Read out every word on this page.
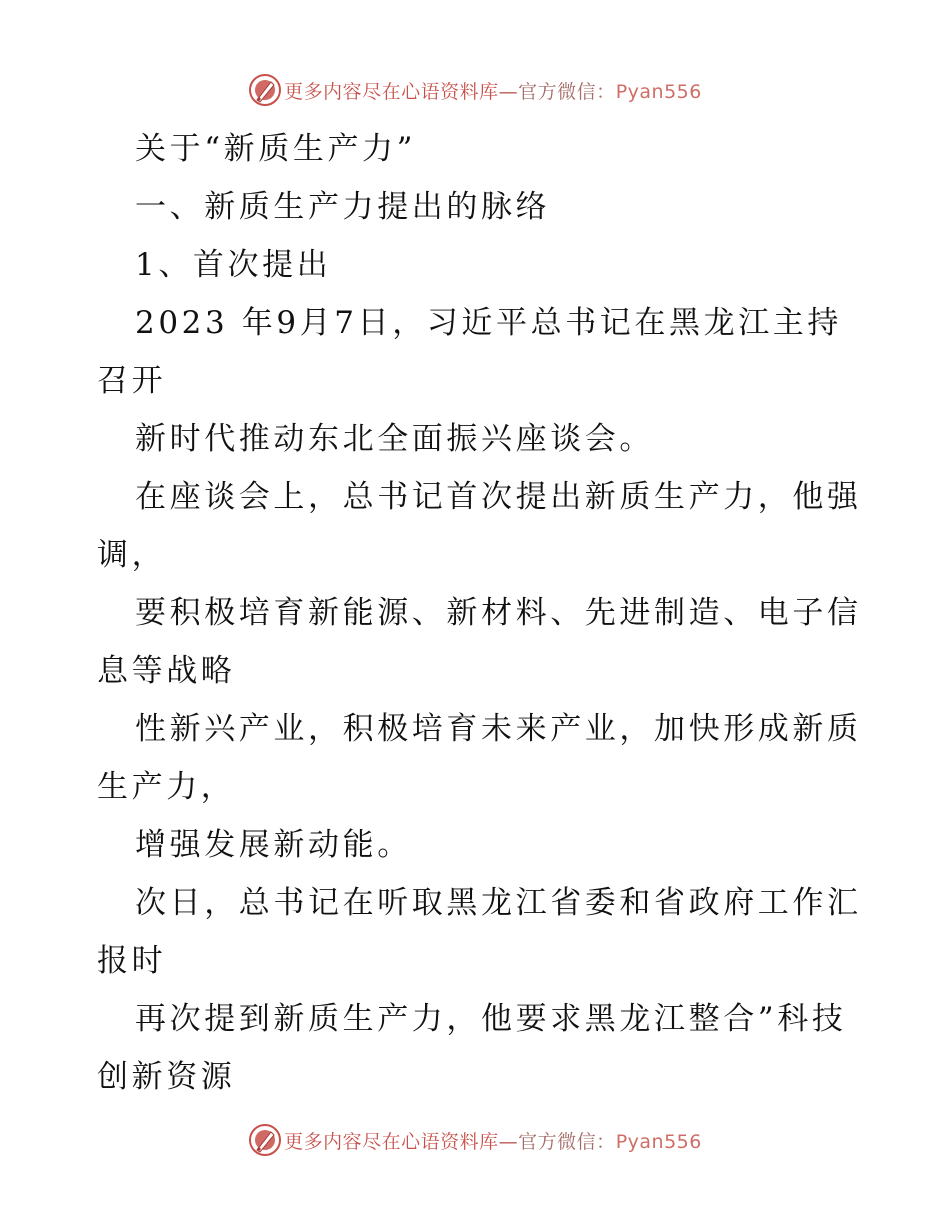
更多内容尽在心语资料库—官方微信：Pyan556
关于“新质生产力”
一、新质生产力提出的脉络
1、首次提出
2023 年9月7日，习近平总书记在黑龙江主持
召开
新时代推动东北全面振兴座谈会。
在座谈会上，总书记首次提出新质生产力，他强
调，
要积极培育新能源、新材料、先进制造、电子信
息等战略
性新兴产业，积极培育未来产业，加快形成新质
生产力，
增强发展新动能。
次日，总书记在听取黑龙江省委和省政府工作汇
报时
再次提到新质生产力，他要求黑龙江整合”科技
创新资源
更多内容尽在心语资料库—官方微信：Pyan556
